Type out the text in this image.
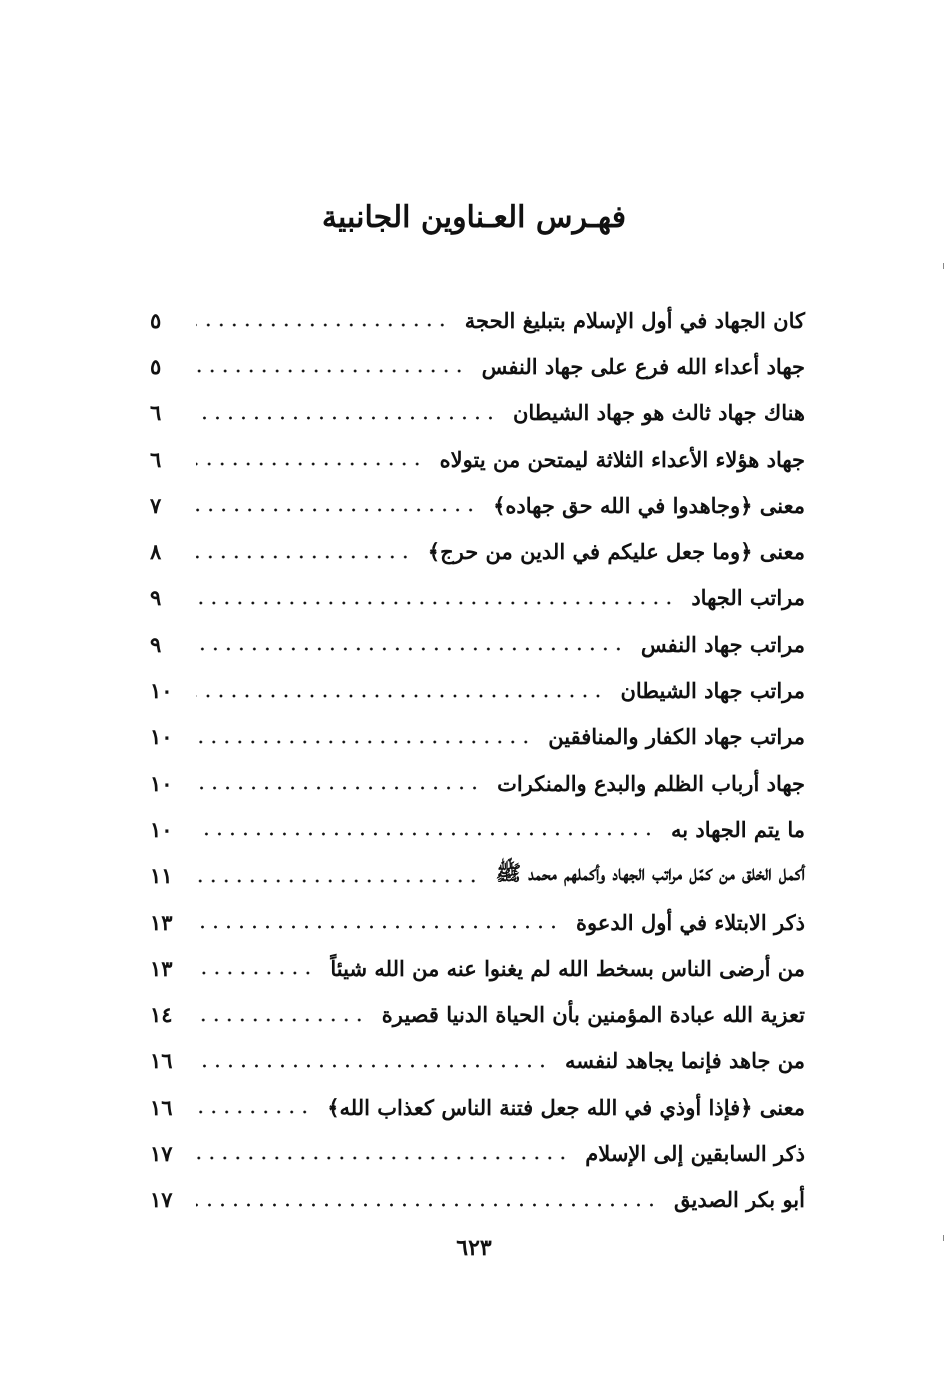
فهـرس العـناوين الجانبية
كان الجهاد في أول الإسلام بتبليغ الحجة
٥
جهاد أعداء الله فرع على جهاد النفس
٥
هناك جهاد ثالث هو جهاد الشيطان
٦
جهاد هؤلاء الأعداء الثلاثة ليمتحن من يتولاه
٦
معنى ﴿وجاهدوا في الله حق جهاده﴾
٧
معنى ﴿وما جعل عليكم في الدين من حرج﴾
٨
مراتب الجهاد
٩
مراتب جهاد النفس
٩
مراتب جهاد الشيطان
١٠
مراتب جهاد الكفار والمنافقين
١٠
جهاد أرباب الظلم والبدع والمنكرات
١٠
ما يتم الجهاد به
١٠
أكمل الخلق من كمّل مراتب الجهاد وأكملهم محمد ﷺ
١١
ذكر الابتلاء في أول الدعوة
١٣
من أرضى الناس بسخط الله لم يغنوا عنه من الله شيئاً
١٣
تعزية الله عبادة المؤمنين بأن الحياة الدنيا قصيرة
١٤
من جاهد فإنما يجاهد لنفسه
١٦
معنى ﴿فإذا أوذي في الله جعل فتنة الناس كعذاب الله﴾
١٦
ذكر السابقين إلى الإسلام
١٧
أبو بكر الصديق
١٧
٦٢٣
